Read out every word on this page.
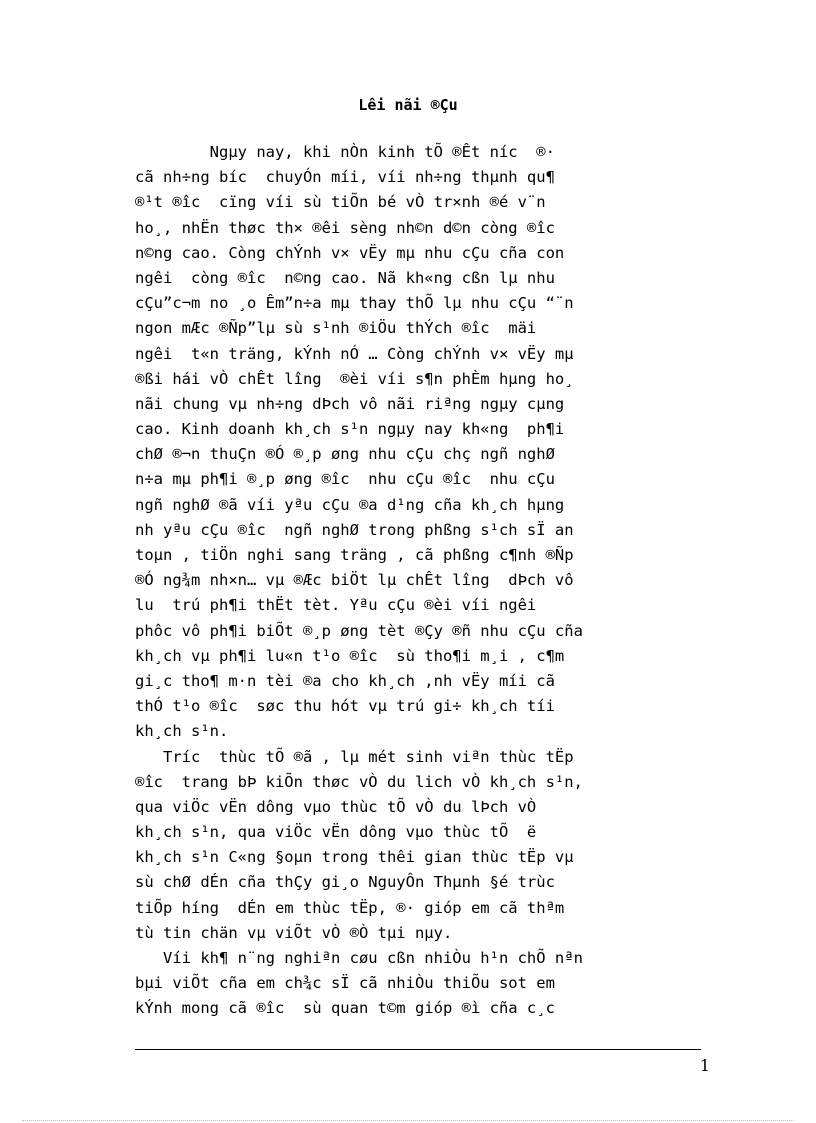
Lêi nãi ®Çu
Ngµy nay, khi nÒn kinh tÕ ®Êt níc  ®·
cã nh÷ng bíc  chuyÓn míi, víi nh÷ng thµnh qu¶
®¹t ®îc  cïng víi sù tiÕn bé vÒ tr×nh ®é v¨n
ho¸, nhËn thøc th× ®êi sèng nh©n d©n còng ®îc
n©ng cao. Còng chÝnh v× vËy mµ nhu cÇu cña con
ngêi  còng ®îc  n©ng cao. Nã kh«ng cßn lµ nhu
cÇu”c¬m no ¸o Êm”n÷a mµ thay thÕ lµ nhu cÇu “¨n
ngon mÆc ®Ñp”lµ sù s¹nh ®iÖu thÝch ®îc  mäi
ngêi  t«n träng, kÝnh nÓ … Còng chÝnh v× vËy mµ
®ßi hái vÒ chÊt lîng  ®èi víi s¶n phÈm hµng ho¸
nãi chung vµ nh÷ng dÞch vô nãi riªng ngµy cµng
cao. Kinh doanh kh¸ch s¹n ngµy nay kh«ng  ph¶i
chØ ®¬n thuÇn ®Ó ®¸p øng nhu cÇu chç ngñ nghØ
n÷a mµ ph¶i ®¸p øng ®îc  nhu cÇu ®îc  nhu cÇu
ngñ nghØ ®ã víi yªu cÇu ®a d¹ng cña kh¸ch hµng
nh yªu cÇu ®îc  ngñ nghØ trong phßng s¹ch sÏ an
toµn , tiÖn nghi sang träng , cã phßng c¶nh ®Ñp
®Ó ng¾m nh×n… vµ ®Æc biÖt lµ chÊt lîng  dÞch vô
lu  trú ph¶i thËt tèt. Yªu cÇu ®èi víi ngêi
phôc vô ph¶i biÕt ®¸p øng tèt ®Çy ®ñ nhu cÇu cña
kh¸ch vµ ph¶i lu«n t¹o ®îc  sù tho¶i m¸i , c¶m
gi¸c tho¶ m·n tèi ®a cho kh¸ch ,nh vËy míi cã
thÓ t¹o ®îc  søc thu hót vµ trú gi÷ kh¸ch tíi
kh¸ch s¹n.
Tríc  thùc tÕ ®ã , lµ mét sinh viªn thùc tËp
®îc  trang bÞ kiÕn thøc vÒ du lich vÒ kh¸ch s¹n,
qua viÖc vËn dông vµo thùc tÕ vÒ du lÞch vÒ
kh¸ch s¹n, qua viÖc vËn dông vµo thùc tÕ  ë
kh¸ch s¹n C«ng §oµn trong thêi gian thùc tËp vµ
sù chØ dÉn cña thÇy gi¸o NguyÔn Thµnh §é trùc
tiÕp híng  dÉn em thùc tËp, ®· gióp em cã thªm
tù tin chän vµ viÕt vÒ ®Ò tµi nµy.
Víi kh¶ n¨ng nghiªn cøu cßn nhiÒu h¹n chÕ nªn
bµi viÕt cña em ch¾c sÏ cã nhiÒu thiÕu sot em
kÝnh mong cã ®îc  sù quan t©m gióp ®ì cña c¸c
1
